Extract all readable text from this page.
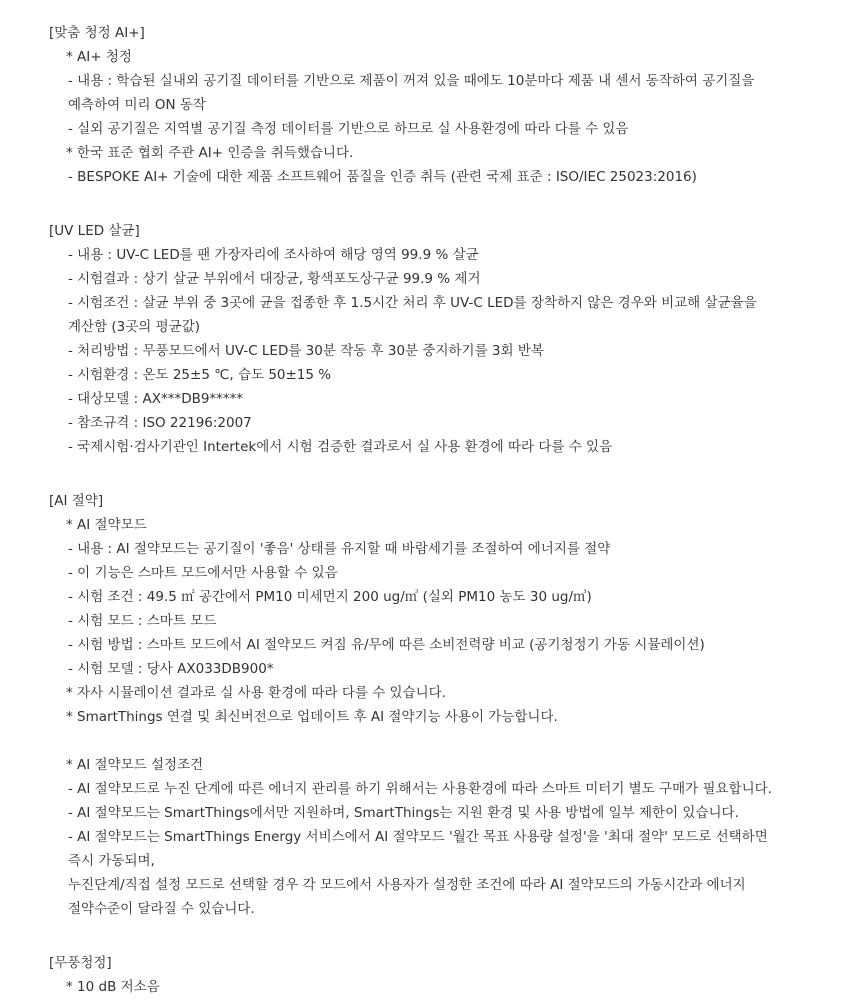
[맞춤 청정 AI+]
* AI+ 청정
- 내용 : 학습된 실내외 공기질 데이터를 기반으로 제품이 꺼져 있을 때에도 10분마다 제품 내 센서 동작하여 공기질을
예측하여 미리 ON 동작
- 실외 공기질은 지역별 공기질 측정 데이터를 기반으로 하므로 실 사용환경에 따라 다를 수 있음
* 한국 표준 협회 주관 AI+ 인증을 취득했습니다.
- BESPOKE AI+ 기술에 대한 제품 소프트웨어 품질을 인증 취득 (관련 국제 표준 : ISO/IEC 25023:2016)
[UV LED 살균]
- 내용 : UV-C LED를 팬 가장자리에 조사하여 해당 영역 99.9 % 살균
- 시험결과 : 상기 살균 부위에서 대장균, 황색포도상구균 99.9 % 제거
- 시험조건 : 살균 부위 중 3곳에 균을 접종한 후 1.5시간 처리 후 UV-C LED를 장착하지 않은 경우와 비교해 살균율을
계산함 (3곳의 평균값)
- 처리방법 : 무풍모드에서 UV-C LED를 30분 작동 후 30분 중지하기를 3회 반복
- 시험환경 : 온도 25±5 ℃, 습도 50±15 %
- 대상모델 : AX***DB9*****
- 참조규격 : ISO 22196:2007
- 국제시험·검사기관인 Intertek에서 시험 검증한 결과로서 실 사용 환경에 따라 다를 수 있음
[AI 절약]
* AI 절약모드
- 내용 : AI 절약모드는 공기질이 '좋음' 상태를 유지할 때 바람세기를 조절하여 에너지를 절약
- 이 기능은 스마트 모드에서만 사용할 수 있음
- 시험 조건 : 49.5 ㎡ 공간에서 PM10 미세먼지 200 ug/㎥ (실외 PM10 농도 30 ug/㎥)
- 시험 모드 : 스마트 모드
- 시험 방법 : 스마트 모드에서 AI 절약모드 켜짐 유/무에 따른 소비전력량 비교 (공기청정기 가동 시뮬레이션)
- 시험 모델 : 당사 AX033DB900*
* 자사 시뮬레이션 결과로 실 사용 환경에 따라 다를 수 있습니다.
* SmartThings 연결 및 최신버전으로 업데이트 후 AI 절약기능 사용이 가능합니다.
* AI 절약모드 설정조건
- AI 절약모드로 누진 단계에 따른 에너지 관리를 하기 위해서는 사용환경에 따라 스마트 미터기 별도 구매가 필요합니다.
- AI 절약모드는 SmartThings에서만 지원하며, SmartThings는 지원 환경 및 사용 방법에 일부 제한이 있습니다.
- AI 절약모드는 SmartThings Energy 서비스에서 AI 절약모드 '월간 목표 사용량 설정'을 '최대 절약' 모드로 선택하면
즉시 가동되며,
누진단계/직접 설정 모드로 선택할 경우 각 모드에서 사용자가 설정한 조건에 따라 AI 절약모드의 가동시간과 에너지
절약수준이 달라질 수 있습니다.
[무풍청정]
* 10 dB 저소음
